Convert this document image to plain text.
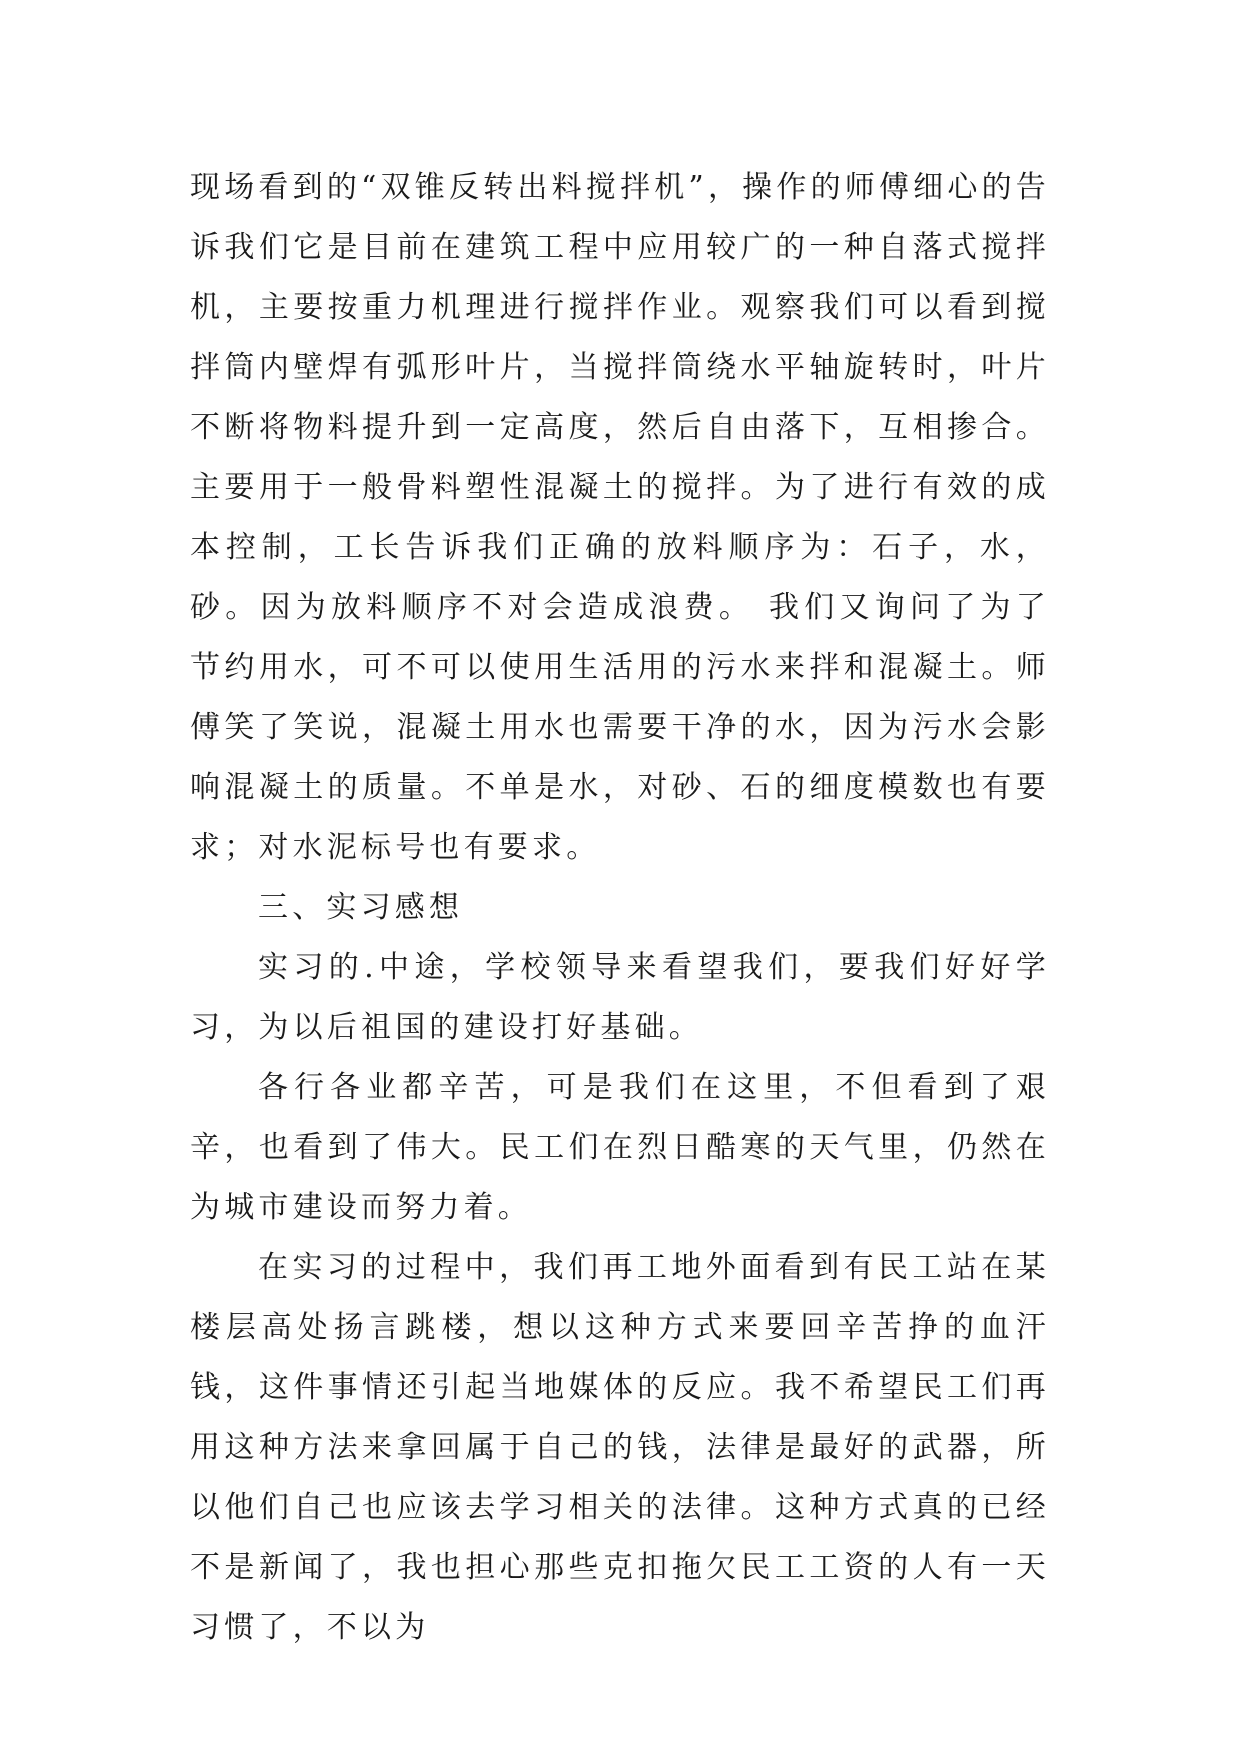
现场看到的“双锥反转出料搅拌机”，操作的师傅细心的告诉我们它是目前在建筑工程中应用较广的一种自落式搅拌机，主要按重力机理进行搅拌作业。观察我们可以看到搅拌筒内壁焊有弧形叶片，当搅拌筒绕水平轴旋转时，叶片不断将物料提升到一定高度，然后自由落下，互相掺合。主要用于一般骨料塑性混凝土的搅拌。为了进行有效的成本控制，工长告诉我们正确的放料顺序为：石子，水，砂。因为放料顺序不对会造成浪费。 我们又询问了为了节约用水，可不可以使用生活用的污水来拌和混凝土。师傅笑了笑说，混凝土用水也需要干净的水，因为污水会影响混凝土的质量。不单是水，对砂、石的细度模数也有要求；对水泥标号也有要求。

三、实习感想

实习的.中途，学校领导来看望我们，要我们好好学习，为以后祖国的建设打好基础。

各行各业都辛苦，可是我们在这里，不但看到了艰辛，也看到了伟大。民工们在烈日酷寒的天气里，仍然在为城市建设而努力着。

在实习的过程中，我们再工地外面看到有民工站在某楼层高处扬言跳楼，想以这种方式来要回辛苦挣的血汗钱，这件事情还引起当地媒体的反应。我不希望民工们再用这种方法来拿回属于自己的钱，法律是最好的武器，所以他们自己也应该去学习相关的法律。这种方式真的已经不是新闻了，我也担心那些克扣拖欠民工工资的人有一天习惯了，不以为
